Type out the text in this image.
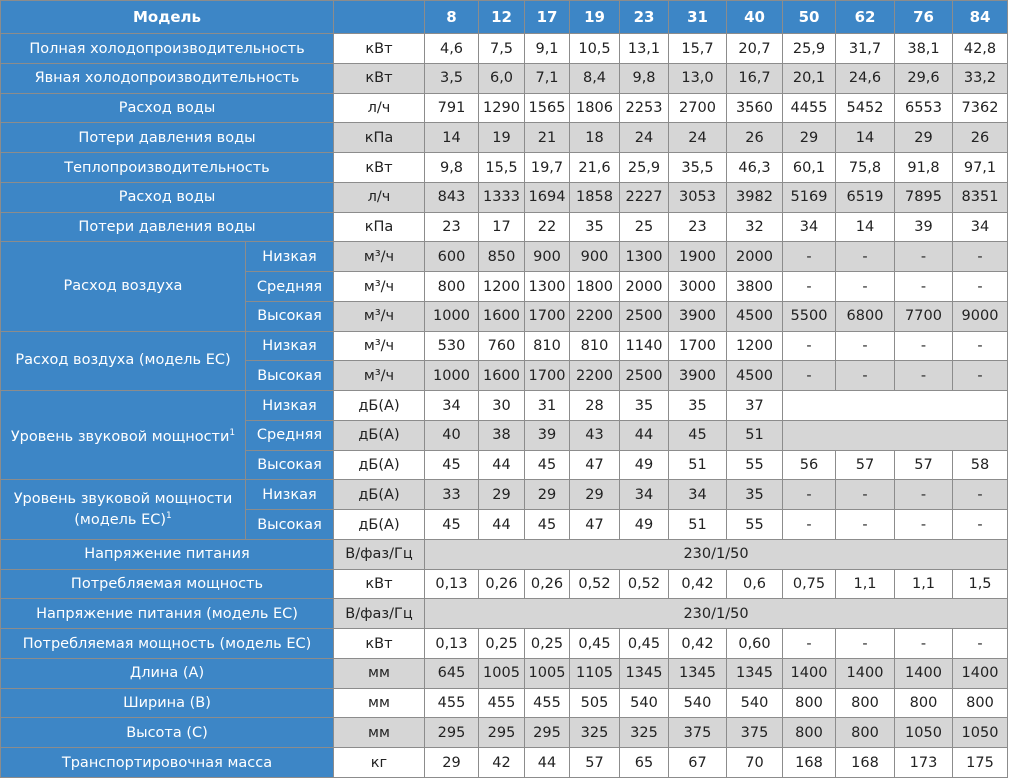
Модель			8	12	17	19	23	31	40	50	62	76	84
Полная холодопроизводительность		кВт	4,6	7,5	9,1	10,5	13,1	15,7	20,7	25,9	31,7	38,1	42,8
Явная холодопроизводительность		кВт	3,5	6,0	7,1	8,4	9,8	13,0	16,7	20,1	24,6	29,6	33,2
Расход воды		л/ч	791	1290	1565	1806	2253	2700	3560	4455	5452	6553	7362
Потери давления воды		кПа	14	19	21	18	24	24	26	29	14	29	26
Теплопроизводительность		кВт	9,8	15,5	19,7	21,6	25,9	35,5	46,3	60,1	75,8	91,8	97,1
Расход воды		л/ч	843	1333	1694	1858	2227	3053	3982	5169	6519	7895	8351
Потери давления воды		кПа	23	17	22	35	25	23	32	34	14	39	34
Расход воздуха	Низкая	м³/ч	600	850	900	900	1300	1900	2000	-	-	-	-
	Средняя	м³/ч	800	1200	1300	1800	2000	3000	3800	-	-	-	-
	Высокая	м³/ч	1000	1600	1700	2200	2500	3900	4500	5500	6800	7700	9000
Расход воздуха (модель ЕС)	Низкая	м³/ч	530	760	810	810	1140	1700	1200	-	-	-	-
	Высокая	м³/ч	1000	1600	1700	2200	2500	3900	4500	-	-	-	-
Уровень звуковой мощности$^1$	Низкая	дБ(А)	34	30	31	28	35	35	37				
	Средняя	дБ(А)	40	38	39	43	44	45	51				
	Высокая	дБ(А)	45	44	45	47	49	51	55	56	57	57	58
Уровень звуковой мощности
(модель ЕС)$^1$	Низкая	дБ(А)	33	29	29	29	34	34	35	-	-	-	-
	Высокая	дБ(А)	45	44	45	47	49	51	55	-	-	-	-
Напряжение питания		В/фаз/Гц	230/1/50										
Потребляемая мощность		кВт	0,13	0,26	0,26	0,52	0,52	0,42	0,6	0,75	1,1	1,1	1,5
Напряжение питания (модель ЕС)		В/фаз/Гц	230/1/50										
Потребляемая мощность (модель ЕС)		кВт	0,13	0,25	0,25	0,45	0,45	0,42	0,60	-	-	-	-
Длина (А)		мм	645	1005	1005	1105	1345	1345	1345	1400	1400	1400	1400
Ширина (В)		мм	455	455	455	505	540	540	540	800	800	800	800
Высота (С)		мм	295	295	295	325	325	375	375	800	800	1050	1050
Транспортировочная масса		кг	29	42	44	57	65	67	70	168	168	173	175
